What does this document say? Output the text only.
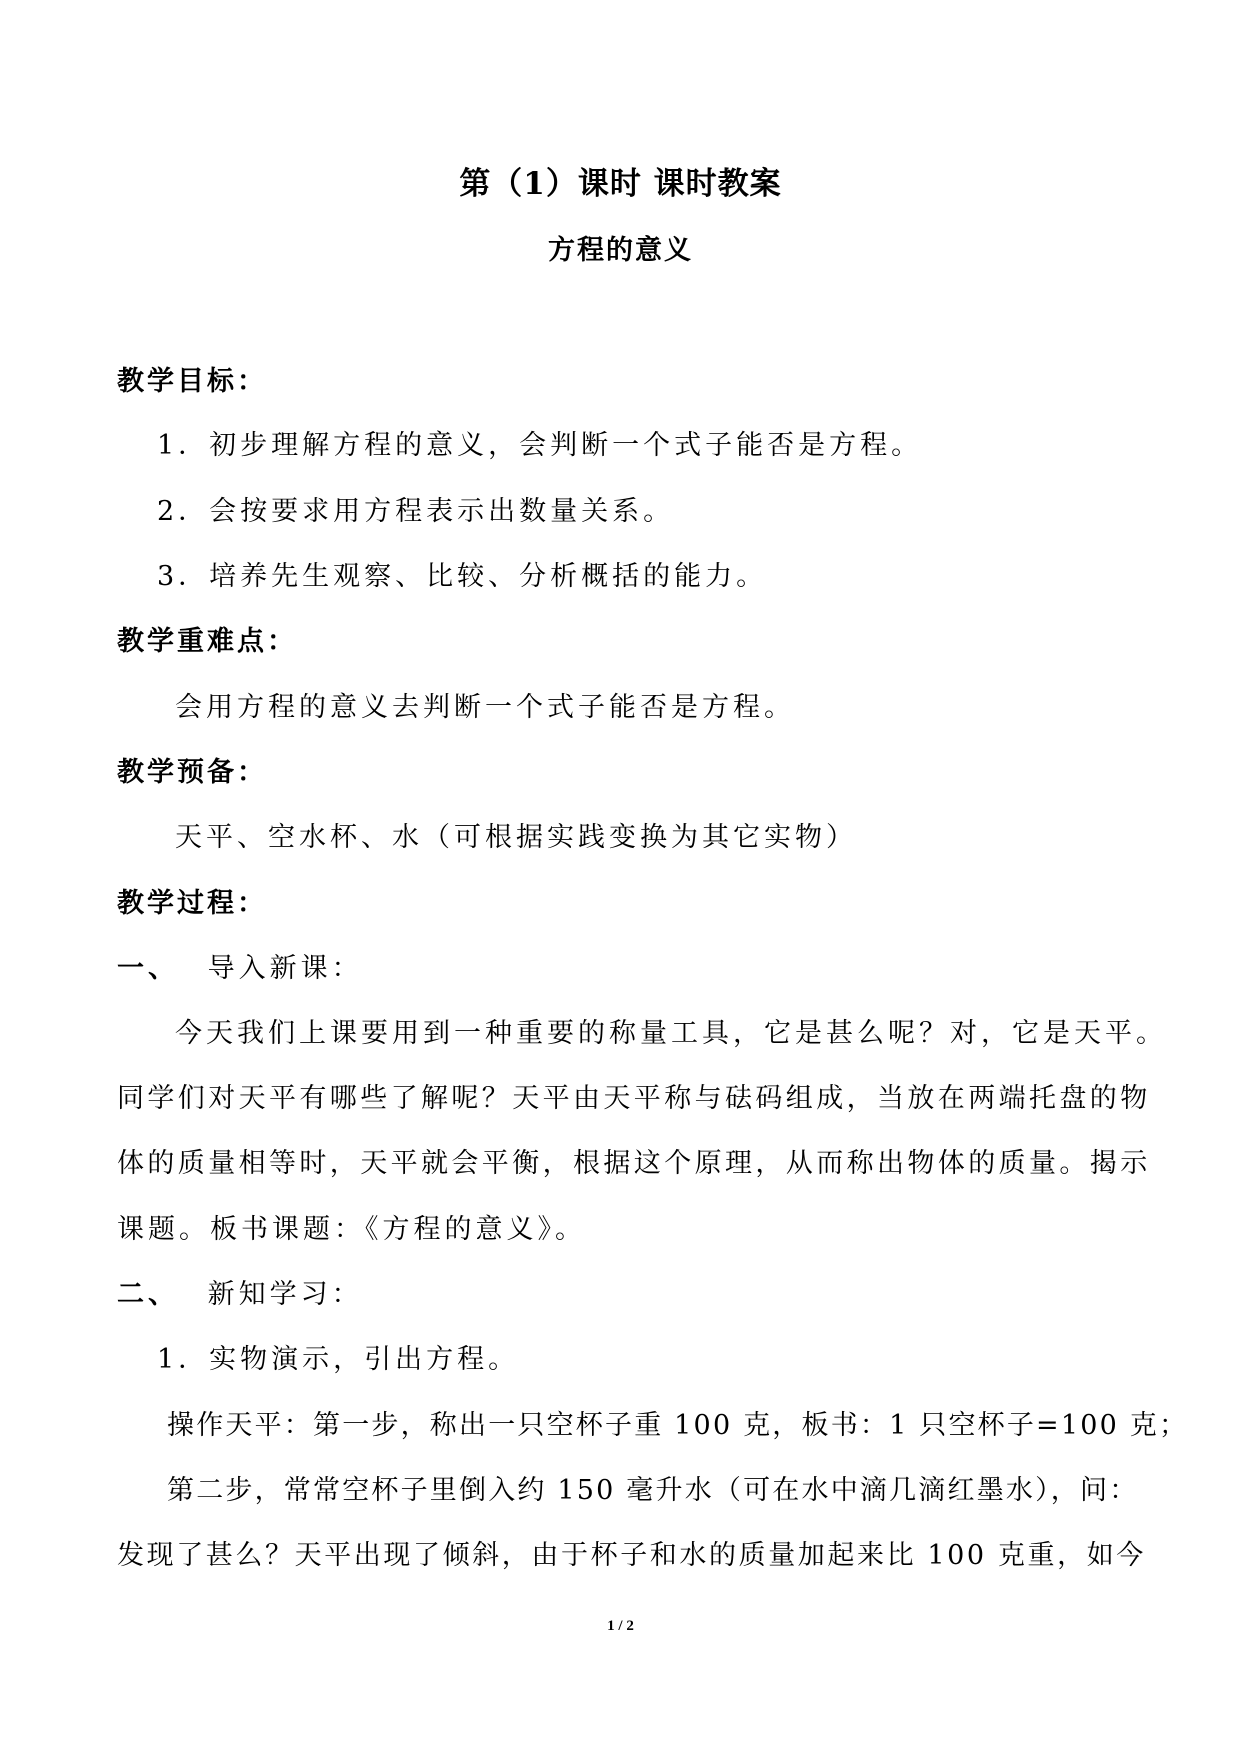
第（1）课时 课时教案
方程的意义
教学目标：
1．初步理解方程的意义，会判断一个式子能否是方程。
2．会按要求用方程表示出数量关系。
3．培养先生观察、比较、分析概括的能力。
教学重难点：
会用方程的意义去判断一个式子能否是方程。
教学预备：
天平、空水杯、水（可根据实践变换为其它实物）
教学过程：
一、 导入新课：
今天我们上课要用到一种重要的称量工具，它是甚么呢？对，它是天平。
同学们对天平有哪些了解呢？天平由天平称与砝码组成，当放在两端托盘的物
体的质量相等时，天平就会平衡，根据这个原理，从而称出物体的质量。揭示
课题。板书课题：《方程的意义》。
二、 新知学习：
1．实物演示，引出方程。
操作天平：第一步，称出一只空杯子重 100 克，板书：1 只空杯子=100 克；
第二步，常常空杯子里倒入约 150 毫升水（可在水中滴几滴红墨水），问：
发现了甚么？天平出现了倾斜，由于杯子和水的质量加起来比 100 克重，如今
1 / 2
